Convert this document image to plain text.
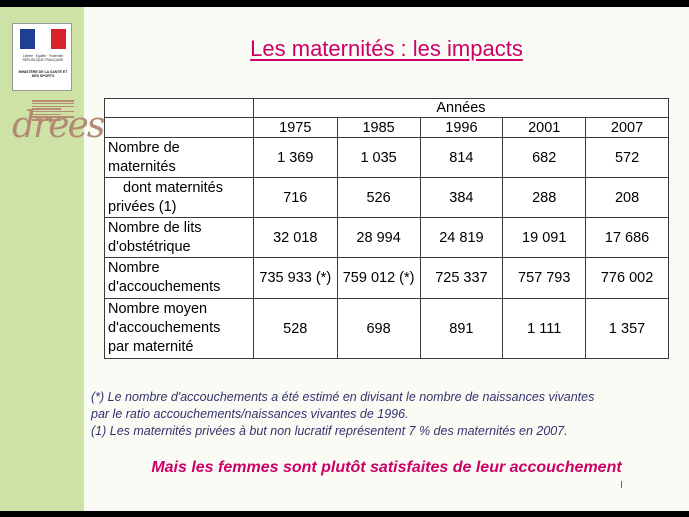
Liberté · Égalité · Fraternité
RÉPUBLIQUE FRANÇAISE
MINISTÈRE DE LA SANTÉ ET DES SPORTS
drees
Les maternités : les impacts
	Années				
	1975	1985	1996	2001	2007
Nombre de
maternités	1 369	1 035	814	682	572
dont maternités

privées (1)	716	526	384	288	208
Nombre de lits
d'obstétrique	32 018	28 994	24 819	19 091	17 686
Nombre
d'accouchements	735 933 (*)	759 012 (*)	725 337	757 793	776 002
Nombre moyen
d'accouchements
par maternité	528	698	891	1 111	1 357
(*) Le nombre d'accouchements a été estimé en divisant le nombre de naissances vivantes
par le ratio accouchements/naissances vivantes de 1996.
(1) Les maternités privées à but non lucratif représentent 7 % des maternités en 2007.
Mais les femmes sont plutôt satisfaites de leur accouchement
